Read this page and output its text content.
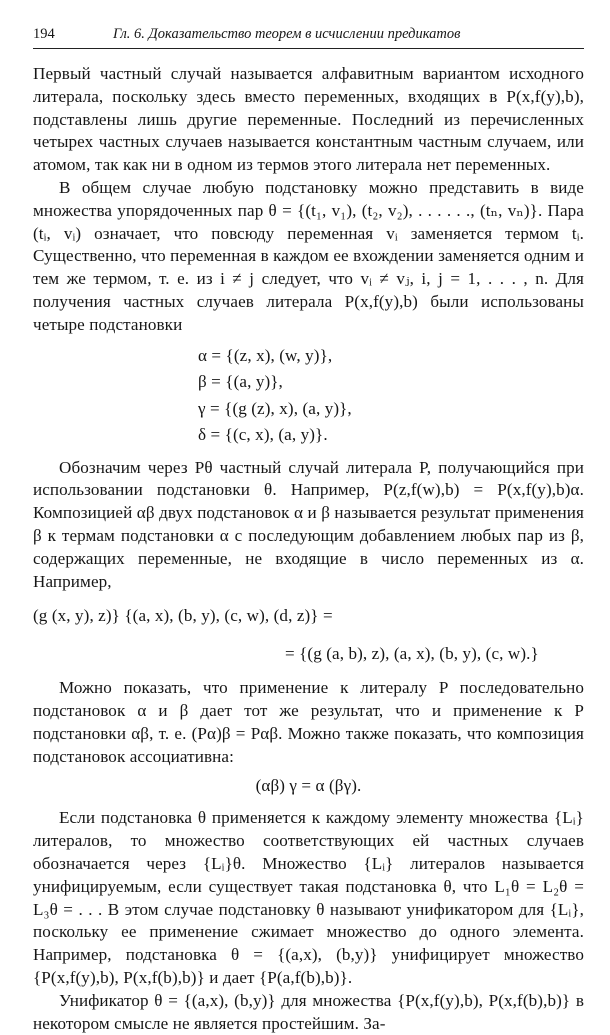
194	Гл. 6. Доказательство теорем в исчислении предикатов

Первый частный случай называется алфавитным вариантом исходного литерала, поскольку здесь вместо переменных, входящих в P(x,f(y),b), подставлены лишь другие переменные. Последний из перечисленных четырех частных случаев называется константным частным случаем, или атомом, так как ни в одном из термов этого литерала нет переменных.

В общем случае любую подстановку можно представить в виде множества упорядоченных пар θ = {(t₁, v₁), (t₂, v₂), . . . . . ., (tₙ, vₙ)}. Пара (tᵢ, vᵢ) означает, что повсюду переменная vᵢ заменяется термом tᵢ. Существенно, что переменная в каждом ее вхождении заменяется одним и тем же термом, т. е. из i ≠ j следует, что vᵢ ≠ vⱼ, i, j = 1, . . . , n. Для получения частных случаев литерала P(x,f(y),b) были использованы четыре подстановки

α = {(z, x), (w, y)},
β = {(a, y)},
γ = {(g (z), x), (a, y)},
δ = {(c, x), (a, y)}.

Обозначим через Pθ частный случай литерала P, получающийся при использовании подстановки θ. Например, P(z,f(w),b) = P(x,f(y),b)α. Композицией αβ двух подстановок α и β называется результат применения β к термам подстановки α с последующим добавлением любых пар из β, содержащих переменные, не входящие в число переменных из α. Например,

(g (x, y), z)} {(a, x), (b, y), (c, w), (d, z)} =
= {(g (a, b), z), (a, x), (b, y), (c, w).}

Можно показать, что применение к литералу P последовательно подстановок α и β дает тот же результат, что и применение к P подстановки αβ, т. е. (Pα)β = Pαβ. Можно также показать, что композиция подстановок ассоциативна:

(αβ) γ = α (βγ).

Если подстановка θ применяется к каждому элементу множества {Lᵢ} литералов, то множество соответствующих ей частных случаев обозначается через {Lᵢ}θ. Множество {Lᵢ} литералов называется унифицируемым, если существует такая подстановка θ, что L₁θ = L₂θ = L₃θ = . . . В этом случае подстановку θ называют унификатором для {Lᵢ}, поскольку ее применение сжимает множество до одного элемента. Например, подстановка θ = {(a,x), (b,y)} унифицирует множество {P(x,f(y),b), P(x,f(b),b)} и дает {P(a,f(b),b)}.

Унификатор θ = {(a,x), (b,y)} для множества {P(x,f(y),b), P(x,f(b),b)} в некотором смысле не является простейшим. За-
